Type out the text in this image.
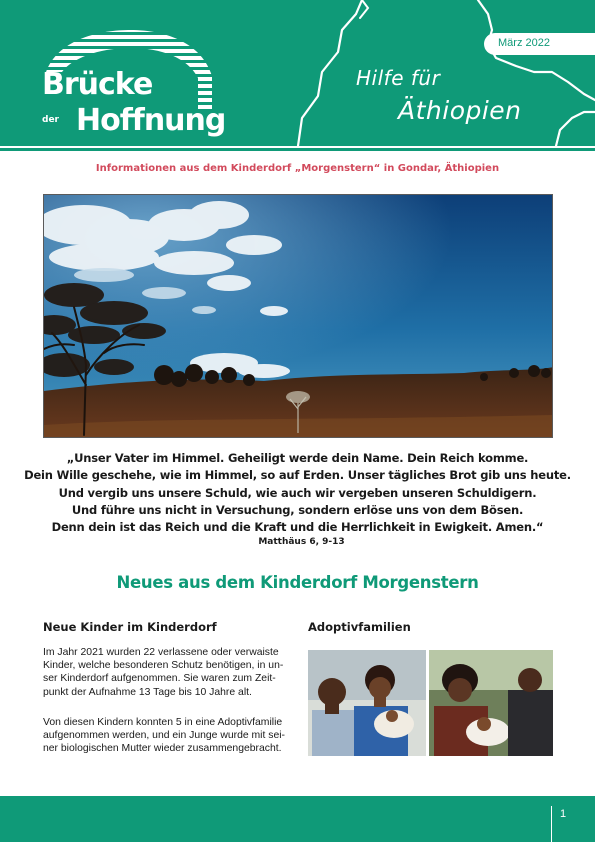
Brücke
der Hoffnung
März 2022
Hilfe für
Äthiopien
Informationen aus dem Kinderdorf „Morgenstern“ in Gondar, Äthiopien
„Unser Vater im Himmel. Geheiligt werde dein Name. Dein Reich komme.
Dein Wille geschehe, wie im Himmel, so auf Erden. Unser tägliches Brot gib uns heute.
Und vergib uns unsere Schuld, wie auch wir vergeben unseren Schuldigern.
Und führe uns nicht in Versuchung, sondern erlöse uns von dem Bösen.
Denn dein ist das Reich und die Kraft und die Herrlichkeit in Ewigkeit. Amen.“
Matthäus 6, 9-13
Neues aus dem Kinderdorf Morgenstern
Neue Kinder im Kinderdorf	Adoptivfamilien
Im Jahr 2021 wurden 22 verlassene oder verwaiste
Kinder, welche besonderen Schutz benötigen, in un-
ser Kinderdorf aufgenommen. Sie waren zum Zeit-
punkt der Aufnahme 13 Tage bis 10 Jahre alt.
Von diesen Kindern konnten 5 in eine Adoptivfamilie
aufgenommen werden, und ein Junge wurde mit sei-
ner biologischen Mutter wieder zusammengebracht.
1
